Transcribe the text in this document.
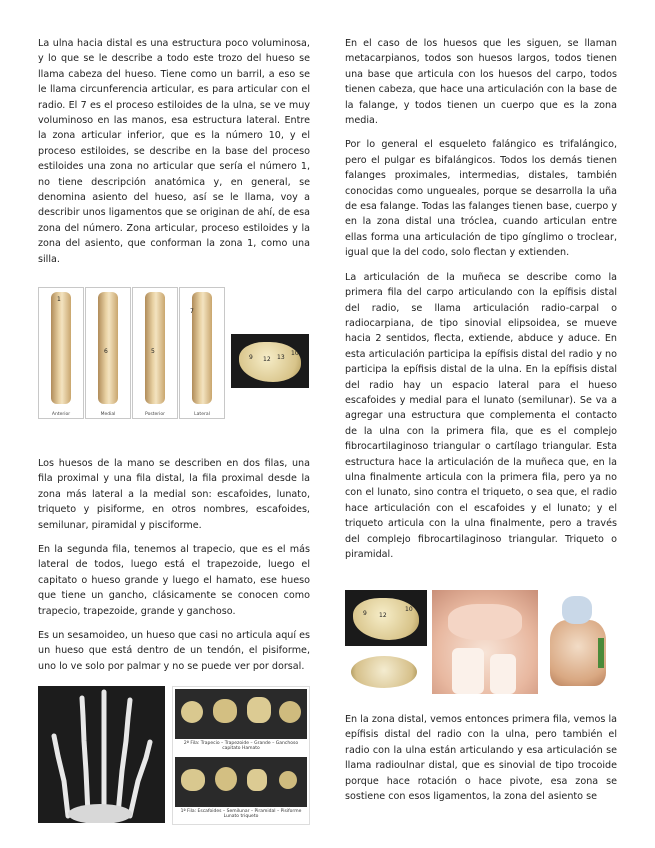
La ulna hacia distal es una estructura poco voluminosa, y lo que se le describe a todo este trozo del hueso se llama cabeza del hueso. Tiene como un barril, a eso se le llama circunferencia articular, es para articular con el radio. El 7 es el proceso estiloides de la ulna, se ve muy voluminoso en las manos, esa estructura lateral. Entre la zona articular inferior, que es la número 10, y el proceso estiloides, se describe en la base del proceso estiloides una zona no articular que sería el número 1, no tiene descripción anatómica y, en general, se denomina asiento del hueso, así se le llama, voy a describir unos ligamentos que se originan de ahí, de esa zona del número. Zona articular, proceso estiloides y la zona del asiento, que conforman la zona 1, como una silla.

1
Anterior
6
Medial
5
Posterior
7
Lateral
9 12 13
10

Los huesos de la mano se describen en dos filas, una fila proximal y una fila distal, la fila proximal desde la zona más lateral a la medial son: escafoides, lunato, triqueto y pisiforme, en otros nombres, escafoides, semilunar, piramidal y pisciforme.

En la segunda fila, tenemos al trapecio, que es el más lateral de todos, luego está el trapezoide, luego el capitato o hueso grande y luego el hamato, ese hueso que tiene un gancho, clásicamente se conocen como trapecio, trapezoide, grande y ganchoso.

Es un sesamoideo, un hueso que casi no articula aquí es un hueso que está dentro de un tendón, el pisiforme, uno lo ve solo por palmar y no se puede ver por dorsal.

2ª Fila: Trapecio – Trapezoide – Grande – Ganchoso
capitato Hamato
1ª Fila: Escafoides – Semilunar – Piramidal – Pisiforme
Lunato triqueto

En el caso de los huesos que les siguen, se llaman metacarpianos, todos son huesos largos, todos tienen una base que articula con los huesos del carpo, todos tienen cabeza, que hace una articulación con la base de la falange, y todos tienen un cuerpo que es la zona media.

Por lo general el esqueleto falángico es trifalángico, pero el pulgar es bifalángicos. Todos los demás tienen falanges proximales, intermedias, distales, también conocidas como ungueales, porque se desarrolla la uña de esa falange. Todas las falanges tienen base, cuerpo y en la zona distal una tróclea, cuando articulan entre ellas forma una articulación de tipo gínglimo o troclear, igual que la del codo, solo flectan y extienden.

La articulación de la muñeca se describe como la primera fila del carpo articulando con la epífisis distal del radio, se llama articulación radio-carpal o radiocarpiana, de tipo sinovial elipsoidea, se mueve hacia 2 sentidos, flecta, extiende, abduce y aduce. En esta articulación participa la epífisis distal del radio y no participa la epífisis distal de la ulna. En la epífisis distal del radio hay un espacio lateral para el hueso escafoides y medial para el lunato (semilunar). Se va a agregar una estructura que complementa el contacto de la ulna con la primera fila, que es el complejo fibrocartilaginoso triangular o cartílago triangular. Esta estructura hace la articulación de la muñeca que, en la ulna finalmente articula con la primera fila, pero ya no con el lunato, sino contra el triqueto, o sea que, el radio hace articulación con el escafoides y el lunato; y el triqueto articula con la ulna finalmente, pero a través del complejo fibrocartilaginoso triangular. Triqueto o piramidal.

9 12
10

En la zona distal, vemos entonces primera fila, vemos la epífisis distal del radio con la ulna, pero también el radio con la ulna están articulando y esa articulación se llama radioulnar distal, que es sinovial de tipo trocoide porque hace rotación o hace pivote, esa zona se sostiene con esos ligamentos, la zona del asiento se
